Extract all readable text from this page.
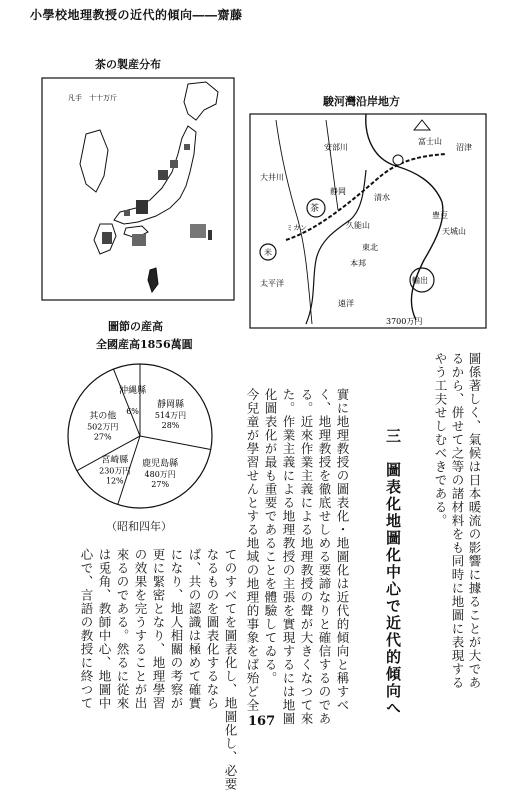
小學校地理教授の近代的傾向――齋藤
茶の製産分布
凡手　十十万斤	駿河灣沿岸地方
富士山
沼津
豊豆
天城山
大井川
安部川
静岡
清水
久能山
茶
ミカン
東北
本邦
太平洋
遠洋
米
輸出
3700万円
圖節の産高
全國産高1856萬圓
靜岡縣
514万円
28%
鹿児島縣
480万円
27%
宮崎縣
230万円
12%
其の他
502万円
27%
沖縄縣
6%
（昭和四年）	やう工夫せしむべきである。 るから、併せて之等の諸材料をも同時に地圖に表現する 圖係著しく、氣候は日本暖流の影響に據ることが大であ
三　圖表化地圖化中心で近代的傾向へ
今兒童が學習せんとする地域の地理的事象をば殆ど全 化圖表化が最も重要であることを體驗してゐる。 た。作業主義による地理教授の主張を實現するには地圖 る。近來作業主義による地理教授の聲が大きくなつて來 く、地理教授を徹底せしめる要諦なりと確信するのであ 實に地理教授の圖表化・地圖化は近代的傾向と稱すべ
心で、言語の教授に終つて は兎角、教師中心、地圖中 來るのである。然るに從來 の效果を完うすることが出 更に緊密となり、地理學習 になり、地人相關の考察が ば、共の認識は極めて確實 なるものを圖表化するなら てのすべてを圖表化し、地圖化し、必要 167
